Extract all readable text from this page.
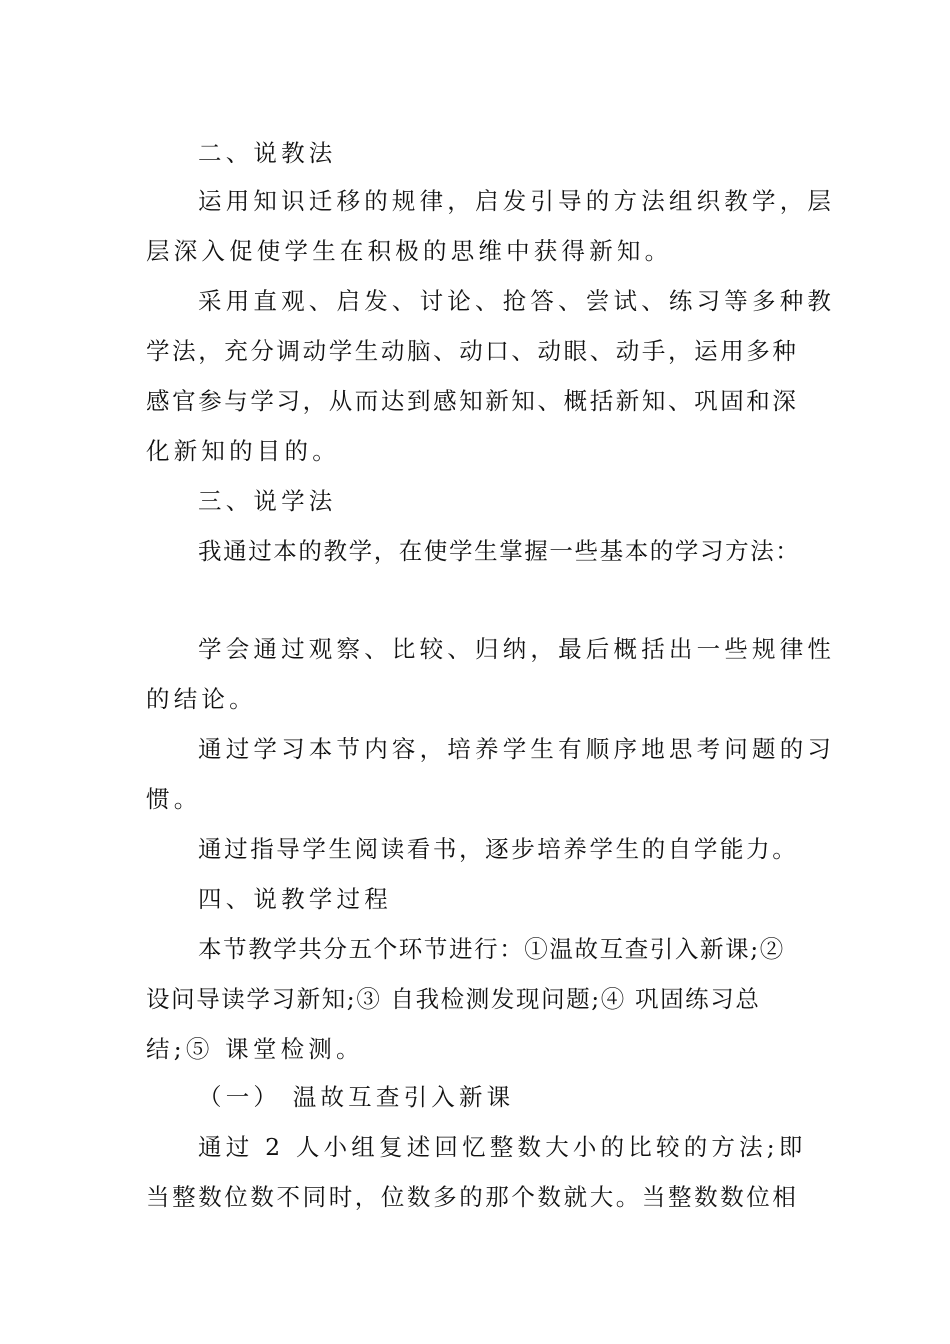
二、说教法
运用知识迁移的规律，启发引导的方法组织教学，层
层深入促使学生在积极的思维中获得新知。
采用直观、启发、讨论、抢答、尝试、练习等多种教
学法，充分调动学生动脑、动口、动眼、动手，运用多种
感官参与学习，从而达到感知新知、概括新知、巩固和深
化新知的目的。
三、说学法
我通过本的教学，在使学生掌握一些基本的学习方法：
学会通过观察、比较、归纳，最后概括出一些规律性
的结论。
通过学习本节内容，培养学生有顺序地思考问题的习
惯。
通过指导学生阅读看书，逐步培养学生的自学能力。
四、说教学过程
本节教学共分五个环节进行：①温故互查引入新课;②
设问导读学习新知;③ 自我检测发现问题;④ 巩固练习总
结;⑤ 课堂检测。
（一） 温故互查引入新课
通过 2 人小组复述回忆整数大小的比较的方法;即
当整数位数不同时，位数多的那个数就大。当整数数位相
